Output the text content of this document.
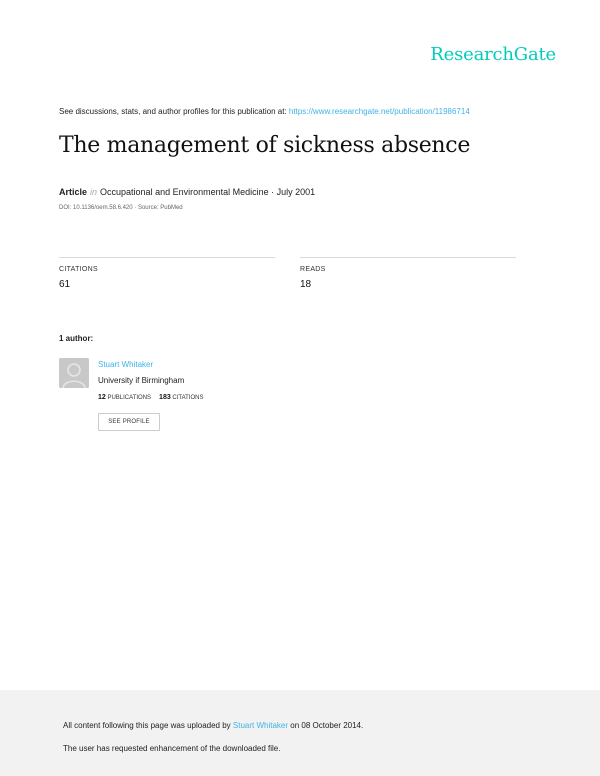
ResearchGate
See discussions, stats, and author profiles for this publication at: https://www.researchgate.net/publication/11986714
The management of sickness absence
Article in Occupational and Environmental Medicine · July 2001
DOI: 10.1136/oem.58.6.420 · Source: PubMed
CITATIONS
61
READS
18
1 author:
Stuart Whitaker
University if Birmingham
12 PUBLICATIONS 183 CITATIONS
SEE PROFILE
All content following this page was uploaded by Stuart Whitaker on 08 October 2014.
The user has requested enhancement of the downloaded file.
